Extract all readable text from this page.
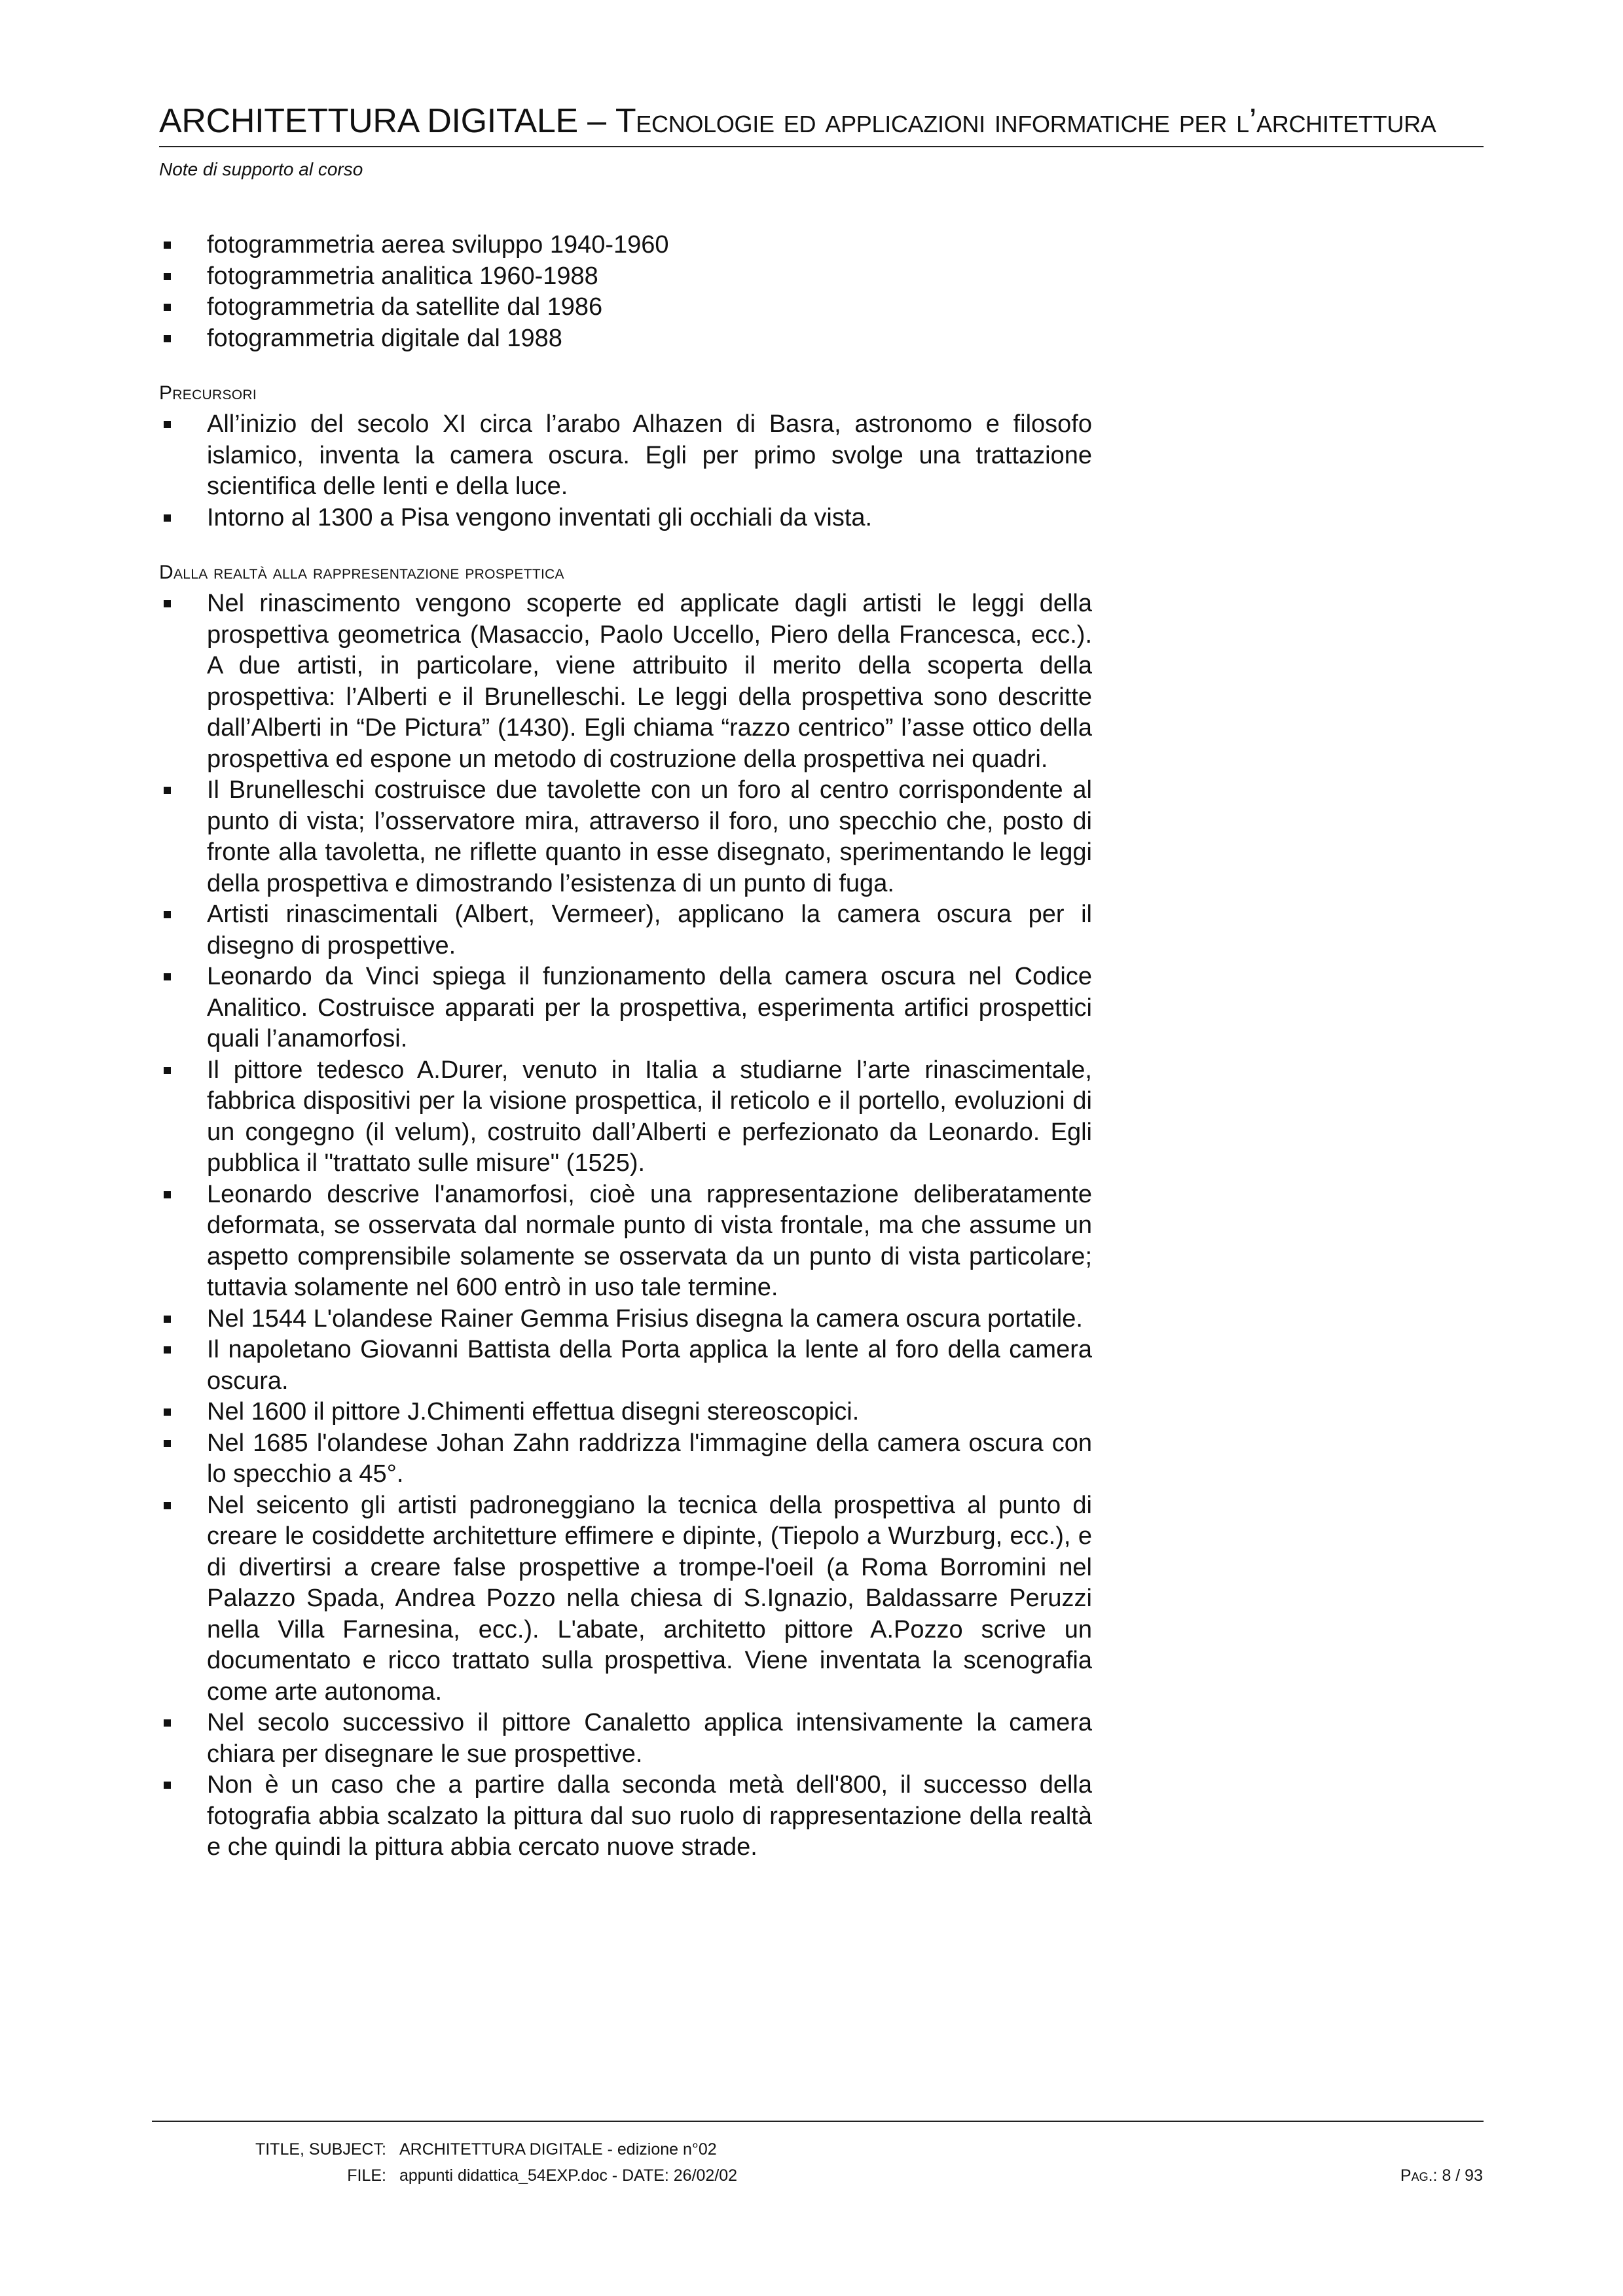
ARCHITETTURA DIGITALE – Tecnologie ed applicazioni informatiche per l’architettura
Note di supporto al corso
fotogrammetria aerea sviluppo 1940-1960
fotogrammetria analitica 1960-1988
fotogrammetria da satellite dal 1986
fotogrammetria digitale dal 1988

Precursori

All’inizio del secolo XI circa l’arabo Alhazen di Basra, astronomo e filosofo islamico, inventa la camera oscura. Egli per primo svolge una trattazione scientifica delle lenti e della luce.
Intorno al 1300 a Pisa vengono inventati gli occhiali da vista.

Dalla realtà alla rappresentazione prospettica

Nel rinascimento vengono scoperte ed applicate dagli artisti le leggi della prospettiva geometrica (Masaccio, Paolo Uccello, Piero della Francesca, ecc.). A due artisti, in particolare, viene attribuito il merito della scoperta della prospettiva: l’Alberti e il Brunelleschi. Le leggi della prospettiva sono descritte dall’Alberti in “De Pictura” (1430). Egli chiama “razzo centrico” l’asse ottico della prospettiva ed espone un metodo di costruzione della prospettiva nei quadri.
Il Brunelleschi costruisce due tavolette con un foro al centro corrispondente al punto di vista; l’osservatore mira, attraverso il foro, uno specchio che, posto di fronte alla tavoletta, ne riflette quanto in esse disegnato, sperimentando le leggi della prospettiva e dimostrando l’esistenza di un punto di fuga.
Artisti rinascimentali (Albert, Vermeer), applicano la camera oscura per il disegno di prospettive.
Leonardo da Vinci spiega il funzionamento della camera oscura nel Codice Analitico. Costruisce apparati per la prospettiva, esperimenta artifici prospettici quali l’anamorfosi.
Il pittore tedesco A.Durer, venuto in Italia a studiarne l’arte rinascimentale, fabbrica dispositivi per la visione prospettica, il reticolo e il portello, evoluzioni di un congegno (il velum), costruito dall’Alberti e perfezionato da Leonardo. Egli pubblica il "trattato sulle misure" (1525).
Leonardo descrive l'anamorfosi, cioè una rappresentazione deliberatamente deformata, se osservata dal normale punto di vista frontale, ma che assume un aspetto comprensibile solamente se osservata da un punto di vista particolare; tuttavia solamente nel 600 entrò in uso tale termine.
Nel 1544 L'olandese Rainer Gemma Frisius disegna la camera oscura portatile.
Il napoletano Giovanni Battista della Porta applica la lente al foro della camera oscura.
Nel 1600 il pittore J.Chimenti effettua disegni stereoscopici.
Nel 1685 l'olandese Johan Zahn raddrizza l'immagine della camera oscura con lo specchio a 45°.
Nel seicento gli artisti padroneggiano la tecnica della prospettiva al punto di creare le cosiddette architetture effimere e dipinte, (Tiepolo a Wurzburg, ecc.), e di divertirsi a creare false prospettive a trompe-l'oeil (a Roma Borromini nel Palazzo Spada, Andrea Pozzo nella chiesa di S.Ignazio, Baldassarre Peruzzi nella Villa Farnesina, ecc.). L'abate, architetto pittore A.Pozzo scrive un documentato e ricco trattato sulla prospettiva. Viene inventata la scenografia come arte autonoma.
Nel secolo successivo il pittore Canaletto applica intensivamente la camera chiara per disegnare le sue prospettive.
Non è un caso che a partire dalla seconda metà dell'800, il successo della fotografia abbia scalzato la pittura dal suo ruolo di rappresentazione della realtà e che quindi la pittura abbia cercato nuove strade.
TITLE, SUBJECT: ARCHITETTURA DIGITALE - edizione n°02
FILE: appunti didattica_54EXP.doc - DATE: 26/02/02	Pag.: 8 / 93
